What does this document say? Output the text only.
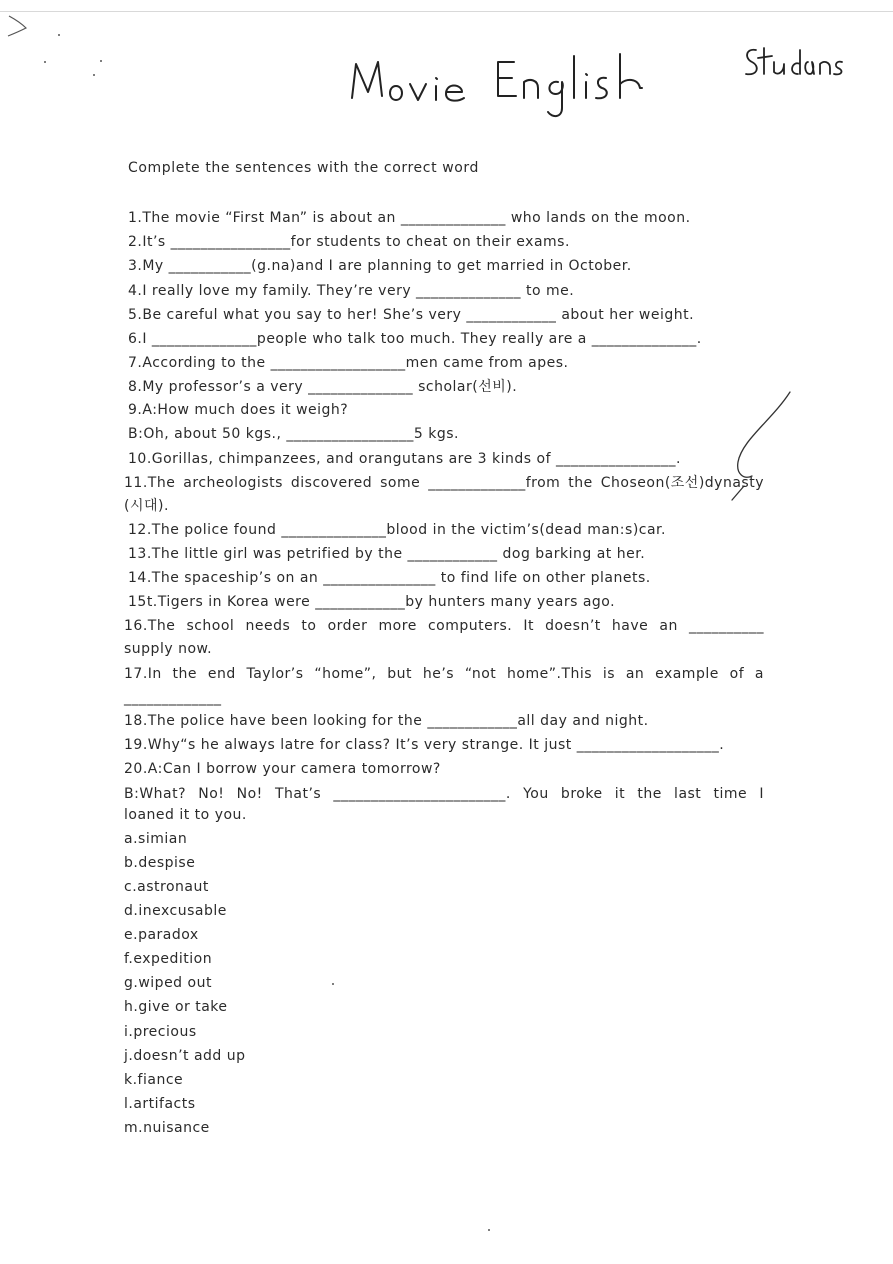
Complete the sentences with the correct word
1.The movie “First Man” is about an ______________ who lands on the moon.
2.It’s ________________for students to cheat on their exams.
3.My ___________(g.na)and I are planning to get married in October.
4.I really love my family. They’re very ______________ to me.
5.Be careful what you say to her! She’s very ____________ about her weight.
6.I ______________people who talk too much. They really are a ______________.
7.According to the __________________men came from apes.
8.My professor’s a very ______________ scholar(선비).
9.A:How much does it weigh?
B:Oh, about 50 kgs., _________________5 kgs.
10.Gorillas, chimpanzees, and orangutans are 3 kinds of ________________.
11.The archeologists discovered some _____________from the Choseon(조선)dynasty
(시대).
12.The police found ______________blood in the victim’s(dead man:s)car.
13.The little girl was petrified by the ____________ dog barking at her.
14.The spaceship’s on an _______________ to find life on other planets.
15t.Tigers in Korea were ____________by hunters many years ago.
16.The school needs to order more computers. It doesn’t have an __________
supply now.
17.In the end Taylor’s “home”, but he’s “not home”.This is an example of a
_____________
18.The police have been looking for the ____________all day and night.
19.Why“s he always latre for class? It’s very strange. It just ___________________.
20.A:Can I borrow your camera tomorrow?
B:What? No! No! That’s _______________________. You broke it the last time I
loaned it to you.
a.simian
b.despise
c.astronaut
d.inexcusable
e.paradox
f.expedition
g.wiped out
h.give or take
i.precious
j.doesn’t add up
k.fiance
l.artifacts
m.nuisance
